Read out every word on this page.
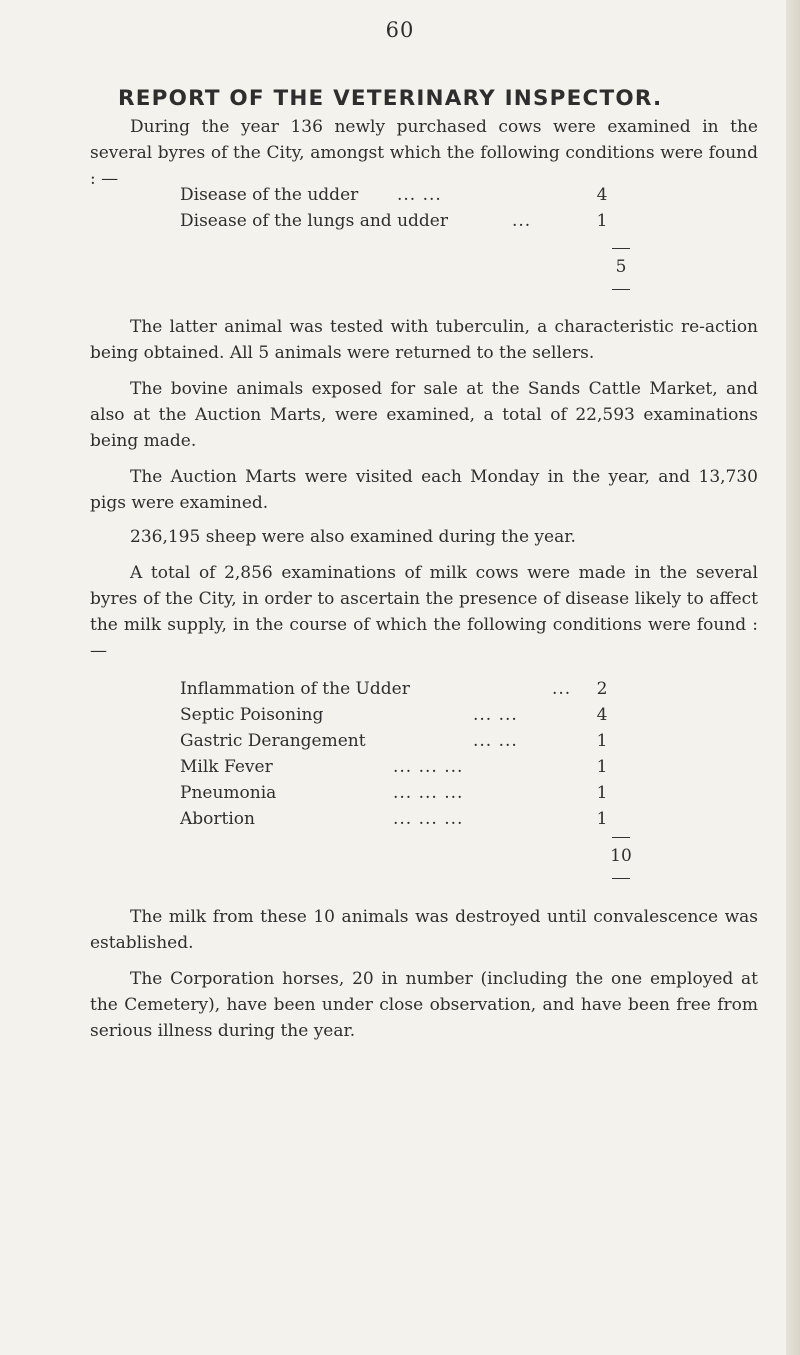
60
REPORT OF THE VETERINARY INSPECTOR.

During the year 136 newly purchased cows were examined in the several byres of the City, amongst which the following conditions were found : —

Disease of the udder ... ...	4
Disease of the lungs and udder	...	1
5

The latter animal was tested with tuberculin, a characteristic re-action being obtained. All 5 animals were returned to the sellers.

The bovine animals exposed for sale at the Sands Cattle Market, and also at the Auction Marts, were examined, a total of 22,593 examinations being made.

The Auction Marts were visited each Monday in the year, and 13,730 pigs were examined.

236,195 sheep were also examined during the year.

A total of 2,856 examinations of milk cows were made in the several byres of the City, in order to ascertain the presence of disease likely to affect the milk supply, in the course of which the following conditions were found : —

Inflammation of the Udder	...	2
Septic Poisoning	... ...	4
Gastric Derangement	... ...	1
Milk Fever	... ... ...	1
Pneumonia	... ... ...	1
Abortion	... ... ...	1
10

The milk from these 10 animals was destroyed until convalescence was established.

The Corporation horses, 20 in number (including the one employed at the Cemetery), have been under close observation, and have been free from serious illness during the year.
